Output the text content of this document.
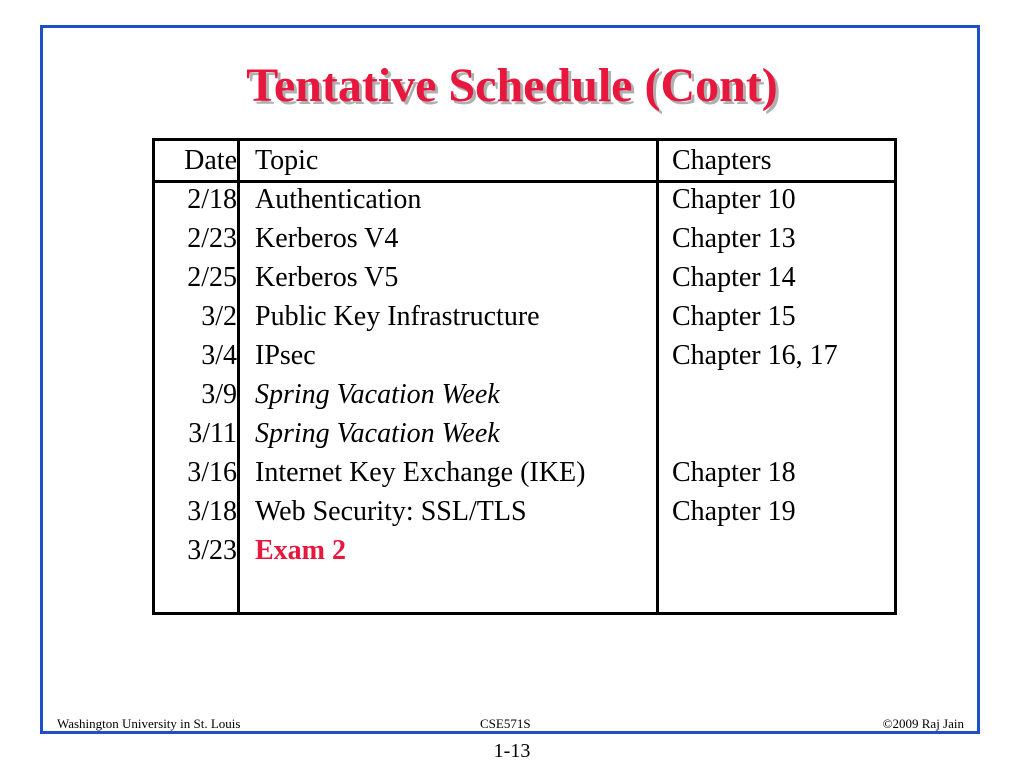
Tentative Schedule (Cont)
Date Topic	Chapters
2/18 Authentication	Chapter 10
2/23 Kerberos V4	Chapter 13
2/25 Kerberos V5	Chapter 14
3/2 Public Key Infrastructure	Chapter 15
3/4 IPsec	Chapter 16, 17
3/9 Spring Vacation Week
3/11 Spring Vacation Week
3/16 Internet Key Exchange (IKE)	Chapter 18
3/18 Web Security: SSL/TLS	Chapter 19
3/23 Exam 2
Washington University in St. Louis	CSE571S	©2009 Raj Jain
1-13
